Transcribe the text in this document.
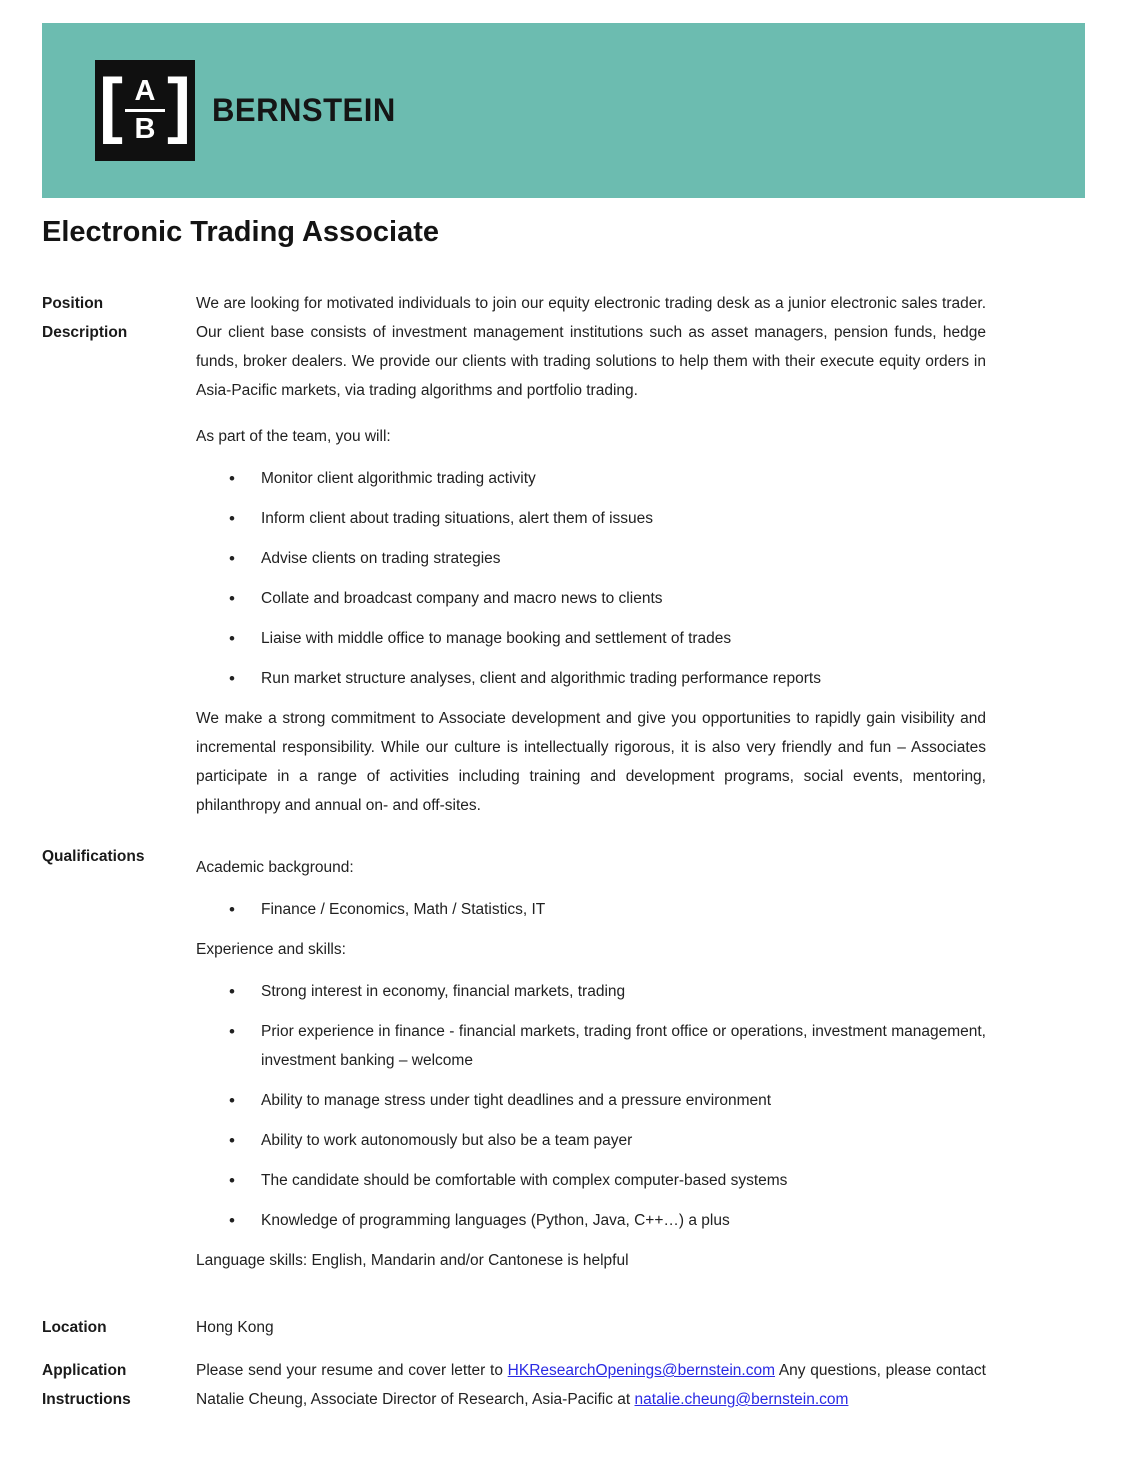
[ A
B ] BERNSTEIN
Electronic Trading Associate
Position
Description

We are looking for motivated individuals to join our equity electronic trading desk as a junior electronic sales trader. Our client base consists of investment management institutions such as asset managers, pension funds, hedge funds, broker dealers. We provide our clients with trading solutions to help them with their execute equity orders in Asia-Pacific markets, via trading algorithms and portfolio trading.

As part of the team, you will:

• Monitor client algorithmic trading activity
• Inform client about trading situations, alert them of issues
• Advise clients on trading strategies
• Collate and broadcast company and macro news to clients
• Liaise with middle office to manage booking and settlement of trades
• Run market structure analyses, client and algorithmic trading performance reports

We make a strong commitment to Associate development and give you opportunities to rapidly gain visibility and incremental responsibility. While our culture is intellectually rigorous, it is also very friendly and fun – Associates participate in a range of activities including training and development programs, social events, mentoring, philanthropy and annual on- and off-sites.

Qualifications

Academic background:

• Finance / Economics, Math / Statistics, IT

Experience and skills:

• Strong interest in economy, financial markets, trading
• Prior experience in finance - financial markets, trading front office or operations, investment management, investment banking – welcome
• Ability to manage stress under tight deadlines and a pressure environment
• Ability to work autonomously but also be a team payer
• The candidate should be comfortable with complex computer-based systems
• Knowledge of programming languages (Python, Java, C++…) a plus

Language skills: English, Mandarin and/or Cantonese is helpful

Location	Hong Kong

Application
Instructions

Please send your resume and cover letter to HKResearchOpenings@bernstein.com Any questions, please contact Natalie Cheung, Associate Director of Research, Asia-Pacific at natalie.cheung@bernstein.com
